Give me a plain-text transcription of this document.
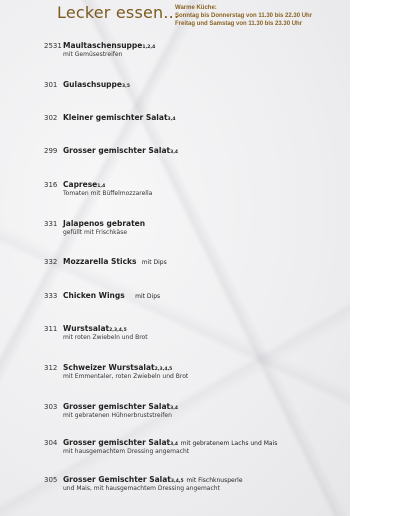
Lecker essen...
Warme Küche:
Sonntag bis Donnerstag von 11.30 bis 22.30 Uhr
Freitag und Samstag von 11.30 bis 23.30 Uhr
2531 Maultaschensuppe1,2,4
mit Gemüsestreifen
301 Gulaschsuppe3,5
302 Kleiner gemischter Salat3,4
299 Grosser gemischter Salat3,4
316 Caprese1,4
Tomaten mit Büffelmozzarella
331 Jalapenos gebraten
gefüllt mit Frischkäse
332 Mozzarella Sticks mit Dips
333 Chicken Wings mit Dips
311 Wurstsalat2,3,4,5
mit roten Zwiebeln und Brot
312 Schweizer Wurstsalat2,3,4,5
mit Emmentaler, roten Zwiebeln und Brot
303 Grosser gemischter Salat3,4
mit gebratenen Hühnerbruststreifen
304 Grosser gemischter Salat3,4 mit gebratenem Lachs und Mais
mit hausgemachtem Dressing angemacht
305 Grosser Gemischter Salat3,4,5 mit Fischknusperle
und Mais, mit hausgemachtem Dressing angemacht
